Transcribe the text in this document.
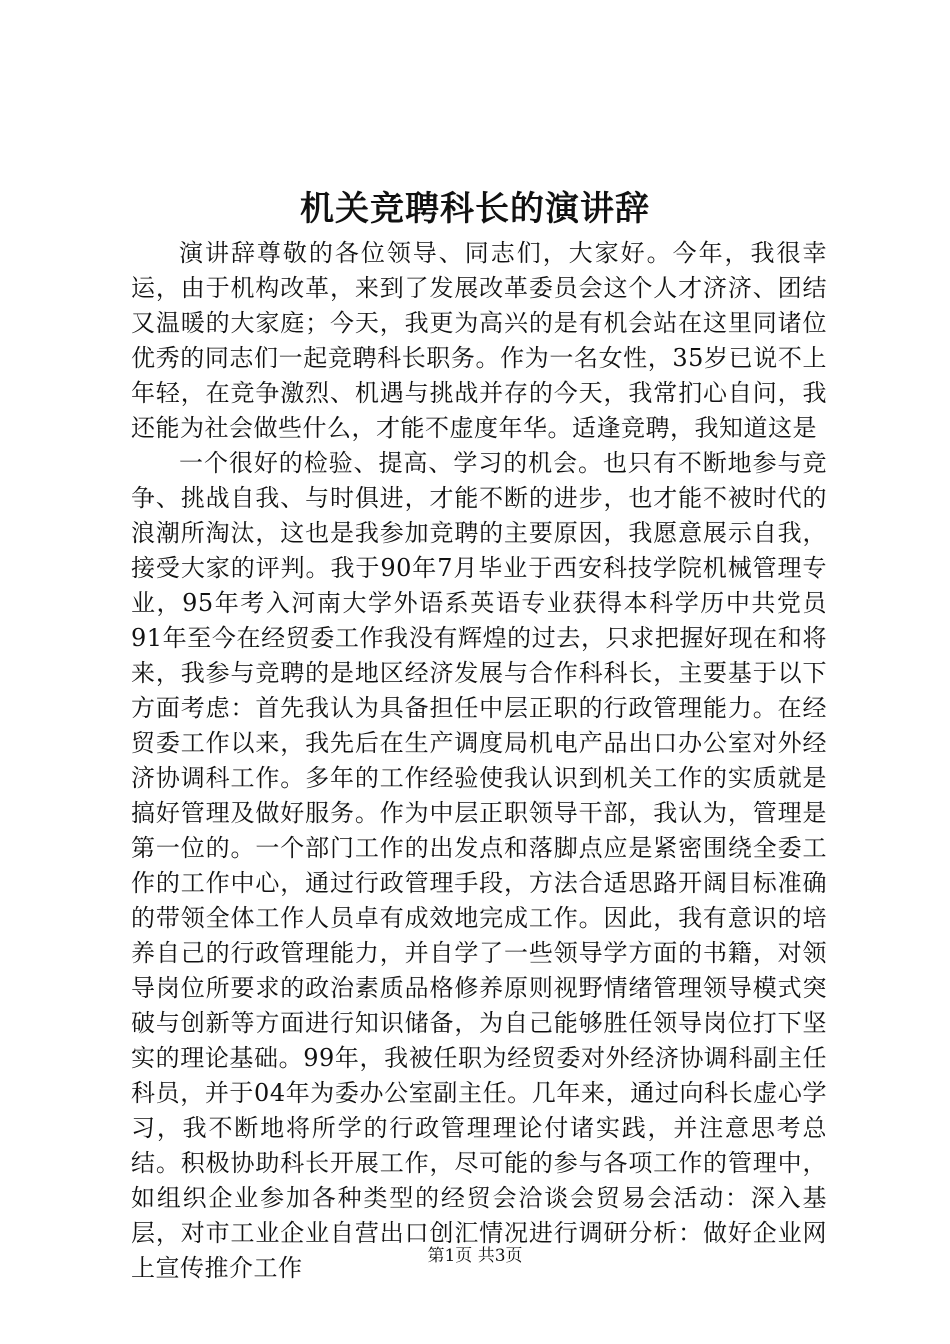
机关竞聘科长的演讲辞

演讲辞尊敬的各位领导、同志们，大家好。今年，我很幸运，由于机构改革，来到了发展改革委员会这个人才济济、团结又温暖的大家庭；今天，我更为高兴的是有机会站在这里同诸位优秀的同志们一起竞聘科长职务。作为一名女性，35岁已说不上年轻，在竞争激烈、机遇与挑战并存的今天，我常扪心自问，我还能为社会做些什么，才能不虚度年华。适逢竞聘，我知道这是

一个很好的检验、提高、学习的机会。也只有不断地参与竞争、挑战自我、与时俱进，才能不断的进步，也才能不被时代的浪潮所淘汰，这也是我参加竞聘的主要原因，我愿意展示自我，接受大家的评判。我于90年7月毕业于西安科技学院机械管理专业，95年考入河南大学外语系英语专业获得本科学历中共党员91年至今在经贸委工作我没有辉煌的过去，只求把握好现在和将来，我参与竞聘的是地区经济发展与合作科科长，主要基于以下方面考虑：首先我认为具备担任中层正职的行政管理能力。在经贸委工作以来，我先后在生产调度局机电产品出口办公室对外经济协调科工作。多年的工作经验使我认识到机关工作的实质就是搞好管理及做好服务。作为中层正职领导干部，我认为，管理是第一位的。一个部门工作的出发点和落脚点应是紧密围绕全委工作的工作中心，通过行政管理手段，方法合适思路开阔目标准确的带领全体工作人员卓有成效地完成工作。因此，我有意识的培养自己的行政管理能力，并自学了一些领导学方面的书籍，对领导岗位所要求的政治素质品格修养原则视野情绪管理领导模式突破与创新等方面进行知识储备，为自己能够胜任领导岗位打下坚实的理论基础。99年，我被任职为经贸委对外经济协调科副主任科员，并于04年为委办公室副主任。几年来，通过向科长虚心学习，我不断地将所学的行政管理理论付诸实践，并注意思考总结。积极协助科长开展工作，尽可能的参与各项工作的管理中，如组织企业参加各种类型的经贸会洽谈会贸易会活动：深入基层，对市工业企业自营出口创汇情况进行调研分析：做好企业网上宣传推介工作	第1页 共3页
